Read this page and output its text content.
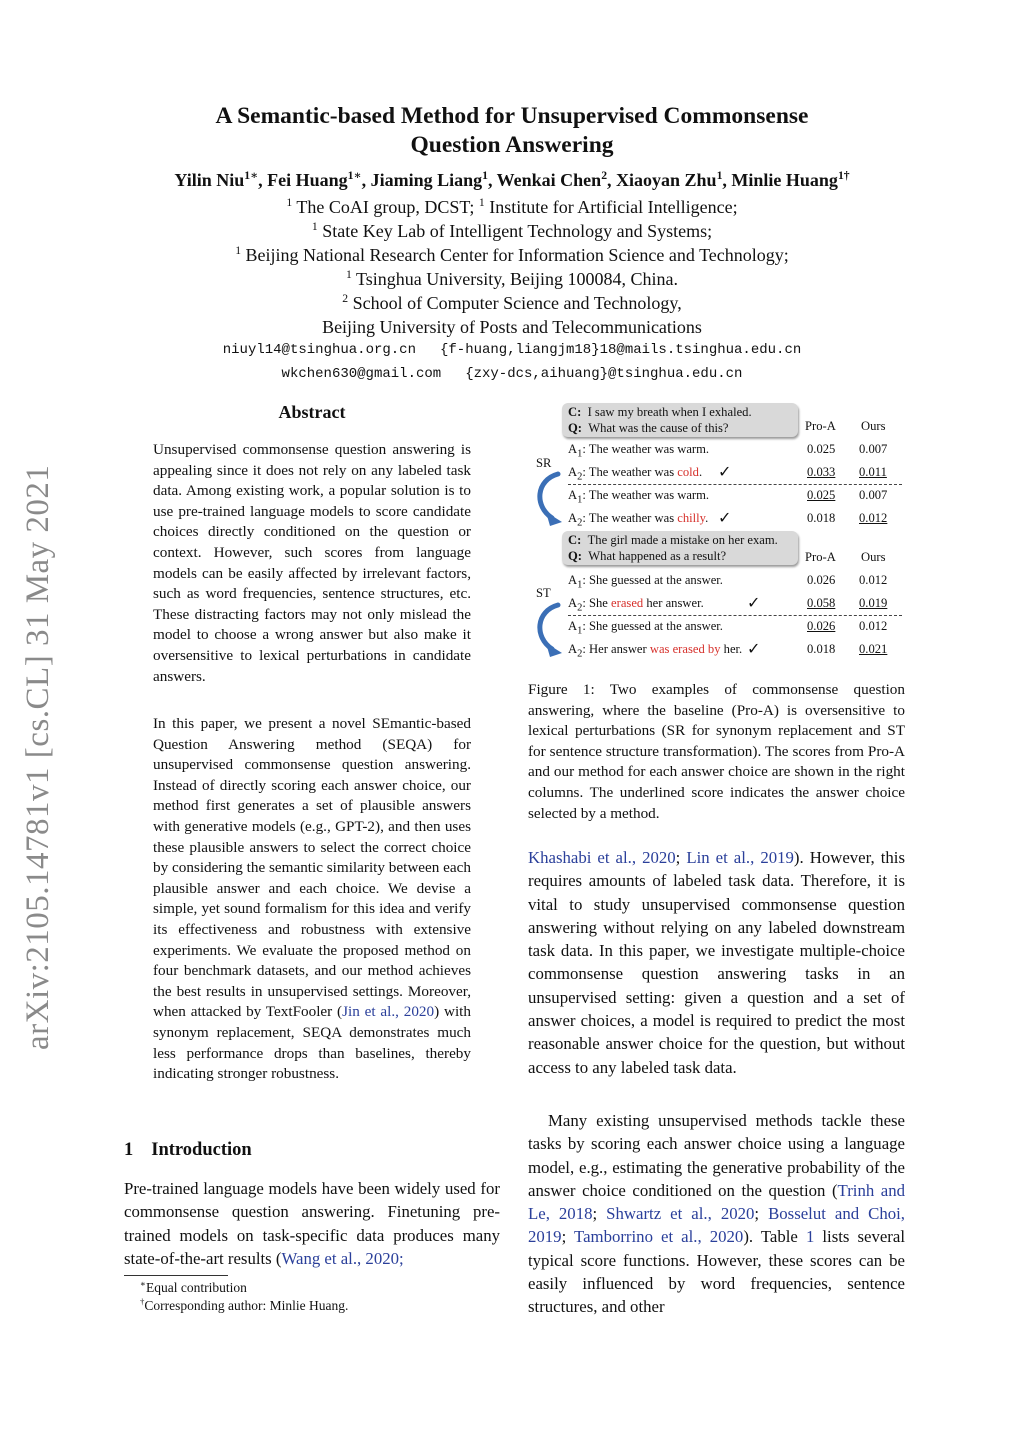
A Semantic-based Method for Unsupervised Commonsense
Question Answering
Yilin Niu$^{1∗}$, Fei Huang$^{1∗}$, Jiaming Liang$^1$, Wenkai Chen$^2$, Xiaoyan Zhu$^1$, Minlie Huang$^{1\dagger}$
$^1$ The CoAI group, DCST; $^1$ Institute for Artificial Intelligence;
$^1$ State Key Lab of Intelligent Technology and Systems;
$^1$ Beijing National Research Center for Information Science and Technology;
$^1$ Tsinghua University, Beijing 100084, China.
$^2$ School of Computer Science and Technology,
Beijing University of Posts and Telecommunications
niuyl14@tsinghua.org.cn {f-huang,liangjm18}18@mails.tsinghua.edu.cn
wkchen630@gmail.com {zxy-dcs,aihuang}@tsinghua.edu.cn
arXiv:2105.14781v1 [cs.CL] 31 May 2021
Abstract
Unsupervised commonsense question answering is appealing since it does not rely on any labeled task data. Among existing work, a popular solution is to use pre-trained language models to score candidate choices directly conditioned on the question or context. However, such scores from language models can be easily affected by irrelevant factors, such as word frequencies, sentence structures, etc. These distracting factors may not only mislead the model to choose a wrong answer but also make it oversensitive to lexical perturbations in candidate answers.
In this paper, we present a novel SEmantic-based Question Answering method (SEQA) for unsupervised commonsense question answering. Instead of directly scoring each answer choice, our method first generates a set of plausible answers with generative models (e.g., GPT-2), and then uses these plausible answers to select the correct choice by considering the semantic similarity between each plausible answer and each choice. We devise a simple, yet sound formalism for this idea and verify its effectiveness and robustness with extensive experiments. We evaluate the proposed method on four benchmark datasets, and our method achieves the best results in unsupervised settings. Moreover, when attacked by TextFooler (Jin et al., 2020) with synonym replacement, SEQA demonstrates much less performance drops than baselines, thereby indicating stronger robustness.
1 Introduction
Pre-trained language models have been widely used for commonsense question answering. Finetuning pre-trained models on task-specific data produces many state-of-the-art results (Wang et al., 2020;
∗Equal contribution
†Corresponding author: Minlie Huang.
C: I saw my breath when I exhaled.
Q: What was the cause of this?	Pro-A Ours
SR
$A_1$: The weather was warm.	0.025 0.007
$A_2$: The weather was cold. ✓	0.033 0.011
$A_1$: The weather was warm.	0.025 0.007
$A_2$: The weather was chilly. ✓	0.018 0.012
C: The girl made a mistake on her exam.
Q: What happened as a result?	Pro-A Ours
ST
$A_1$: She guessed at the answer.	0.026 0.012
$A_2$: She erased her answer.	✓	0.058 0.019
$A_1$: She guessed at the answer.	0.026 0.012
$A_2$: Her answer was erased by her. ✓	0.018 0.021
Figure 1: Two examples of commonsense question answering, where the baseline (Pro-A) is oversensitive to lexical perturbations (SR for synonym replacement and ST for sentence structure transformation). The scores from Pro-A and our method for each answer choice are shown in the right columns. The underlined score indicates the answer choice selected by a method.
Khashabi et al., 2020; Lin et al., 2019). However, this requires amounts of labeled task data. Therefore, it is vital to study unsupervised commonsense question answering without relying on any labeled downstream task data. In this paper, we investigate multiple-choice commonsense question answering tasks in an unsupervised setting: given a question and a set of answer choices, a model is required to predict the most reasonable answer choice for the question, but without access to any labeled task data.
Many existing unsupervised methods tackle these tasks by scoring each answer choice using a language model, e.g., estimating the generative probability of the answer choice conditioned on the question (Trinh and Le, 2018; Shwartz et al., 2020; Bosselut and Choi, 2019; Tamborrino et al., 2020). Table 1 lists several typical score functions. However, these scores can be easily influenced by word frequencies, sentence structures, and other
